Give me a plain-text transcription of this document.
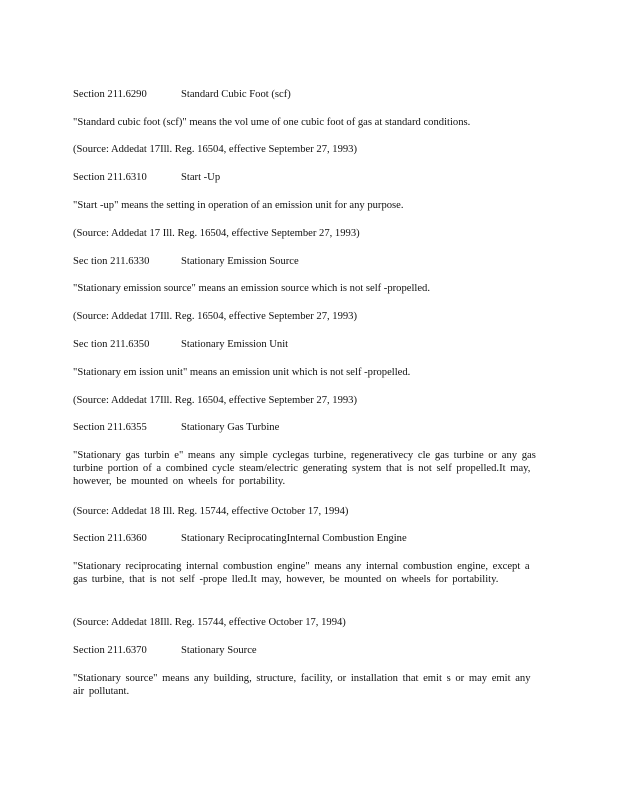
Section 211.6290	Standard Cubic Foot (scf)
"Standard cubic foot (scf)" means the vol ume of one cubic foot of gas at standard conditions.
(Source: Addedat 17Ill. Reg. 16504, effective September 27, 1993)
Section 211.6310	Start -Up
"Start -up" means the setting in operation of an emission unit for any purpose.
(Source: Addedat 17 Ill. Reg. 16504, effective September 27, 1993)
Sec tion 211.6330	Stationary Emission Source
"Stationary emission source" means an emission source which is not self -propelled.
(Source: Addedat 17Ill. Reg. 16504, effective September 27, 1993)
Sec tion 211.6350	Stationary Emission Unit
"Stationary em ission unit" means an emission unit which is not self -propelled.
(Source: Addedat 17Ill. Reg. 16504, effective September 27, 1993)
Section 211.6355	Stationary Gas Turbine
"Stationary gas turbin e" means any simple cyclegas turbine, regenerativecy cle gas turbine or any gas turbine portion of a combined cycle steam/electric generating system that is not self propelled.It may, however, be mounted on wheels for portability.
(Source: Addedat 18 Ill. Reg. 15744, effective October 17, 1994)
Section 211.6360	Stationary ReciprocatingInternal Combustion Engine
"Stationary reciprocating internal combustion engine" means any internal combustion engine, except a gas turbine, that is not self -prope lled.It may, however, be mounted on wheels for portability.
(Source: Addedat 18Ill. Reg. 15744, effective October 17, 1994)
Section 211.6370	Stationary Source
"Stationary source" means any building, structure, facility, or installation that emit s or may emit any air pollutant.
